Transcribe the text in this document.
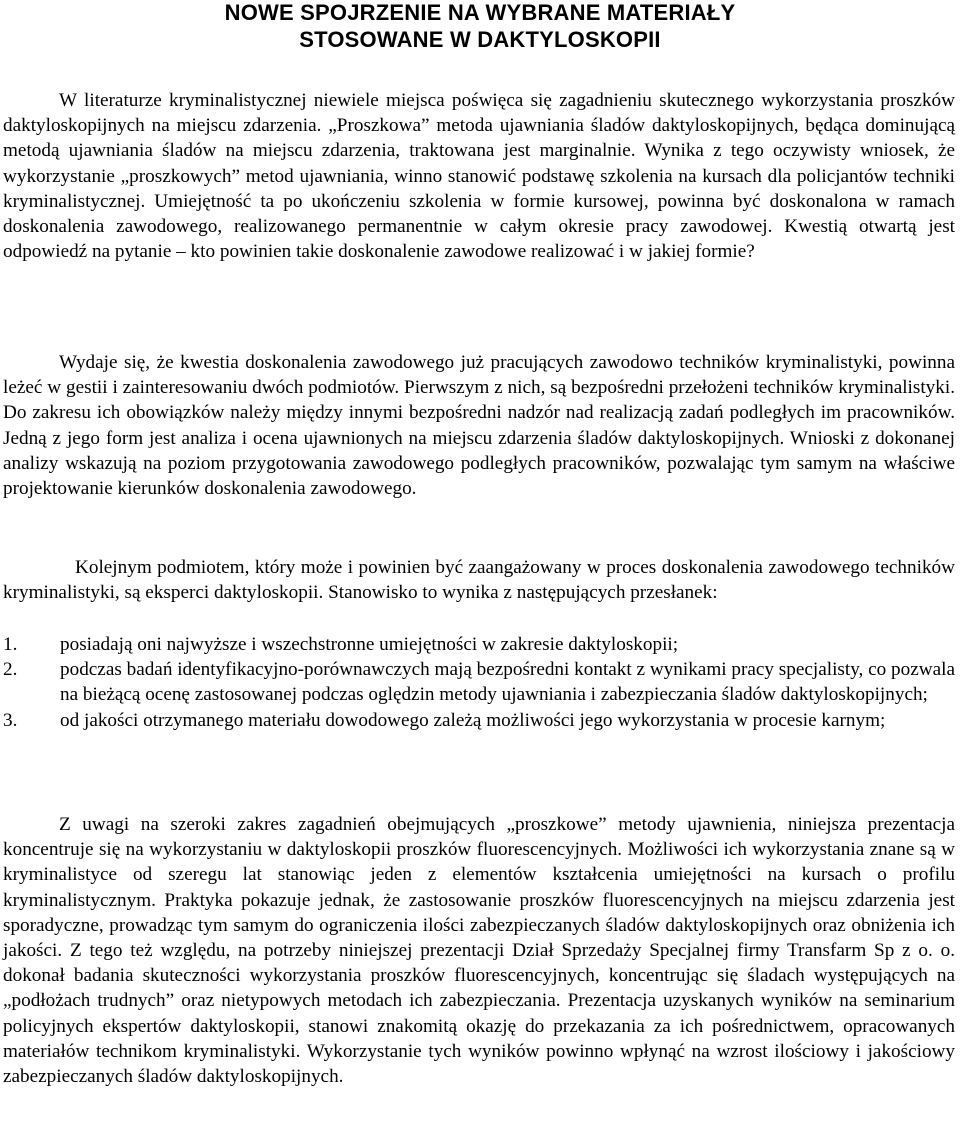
NOWE SPOJRZENIE NA WYBRANE MATERIAŁY
STOSOWANE W DAKTYLOSKOPII

W literaturze kryminalistycznej niewiele miejsca poświęca się zagadnieniu skutecznego wykorzystania proszków daktyloskopijnych na miejscu zdarzenia. „Proszkowa” metoda ujawniania śladów daktyloskopijnych, będąca dominującą metodą ujawniania śladów na miejscu zdarzenia, traktowana jest marginalnie. Wynika z tego oczywisty wniosek, że wykorzystanie „proszkowych” metod ujawniania, winno stanowić podstawę szkolenia na kursach dla policjantów techniki kryminalistycznej. Umiejętność ta po ukończeniu szkolenia w formie kursowej, powinna być doskonalona w ramach doskonalenia zawodowego, realizowanego permanentnie w całym okresie pracy zawodowej. Kwestią otwartą jest odpowiedź na pytanie – kto powinien takie doskonalenie zawodowe realizować i w jakiej formie?

Wydaje się, że kwestia doskonalenia zawodowego już pracujących zawodowo techników kryminalistyki, powinna leżeć w gestii i zainteresowaniu dwóch podmiotów. Pierwszym z nich, są bezpośredni przełożeni techników kryminalistyki. Do zakresu ich obowiązków należy między innymi bezpośredni nadzór nad realizacją zadań podległych im pracowników. Jedną z jego form jest analiza i ocena ujawnionych na miejscu zdarzenia śladów daktyloskopijnych. Wnioski z dokonanej analizy wskazują na poziom przygotowania zawodowego podległych pracowników, pozwalając tym samym na właściwe projektowanie kierunków doskonalenia zawodowego.

Kolejnym podmiotem, który może i powinien być zaangażowany w proces doskonalenia zawodowego techników kryminalistyki, są eksperci daktyloskopii. Stanowisko to wynika z następujących przesłanek:

1. posiadają oni najwyższe i wszechstronne umiejętności w zakresie daktyloskopii;
2. podczas badań identyfikacyjno-porównawczych mają bezpośredni kontakt z wynikami pracy specjalisty, co pozwala na bieżącą ocenę zastosowanej podczas oględzin metody ujawniania i zabezpieczania śladów daktyloskopijnych;
3. od jakości otrzymanego materiału dowodowego zależą możliwości jego wykorzystania w procesie karnym;

Z uwagi na szeroki zakres zagadnień obejmujących „proszkowe” metody ujawnienia, niniejsza prezentacja koncentruje się na wykorzystaniu w daktyloskopii proszków fluorescencyjnych. Możliwości ich wykorzystania znane są w kryminalistyce od szeregu lat stanowiąc jeden z elementów kształcenia umiejętności na kursach o profilu kryminalistycznym. Praktyka pokazuje jednak, że zastosowanie proszków fluorescencyjnych na miejscu zdarzenia jest sporadyczne, prowadząc tym samym do ograniczenia ilości zabezpieczanych śladów daktyloskopijnych oraz obniżenia ich jakości. Z tego też względu, na potrzeby niniejszej prezentacji Dział Sprzedaży Specjalnej firmy Transfarm Sp z o. o. dokonał badania skuteczności wykorzystania proszków fluorescencyjnych, koncentrując się śladach występujących na „podłożach trudnych” oraz nietypowych metodach ich zabezpieczania. Prezentacja uzyskanych wyników na seminarium policyjnych ekspertów daktyloskopii, stanowi znakomitą okazję do przekazania za ich pośrednictwem, opracowanych materiałów technikom kryminalistyki. Wykorzystanie tych wyników powinno wpłynąć na wzrost ilościowy i jakościowy zabezpieczanych śladów daktyloskopijnych.
